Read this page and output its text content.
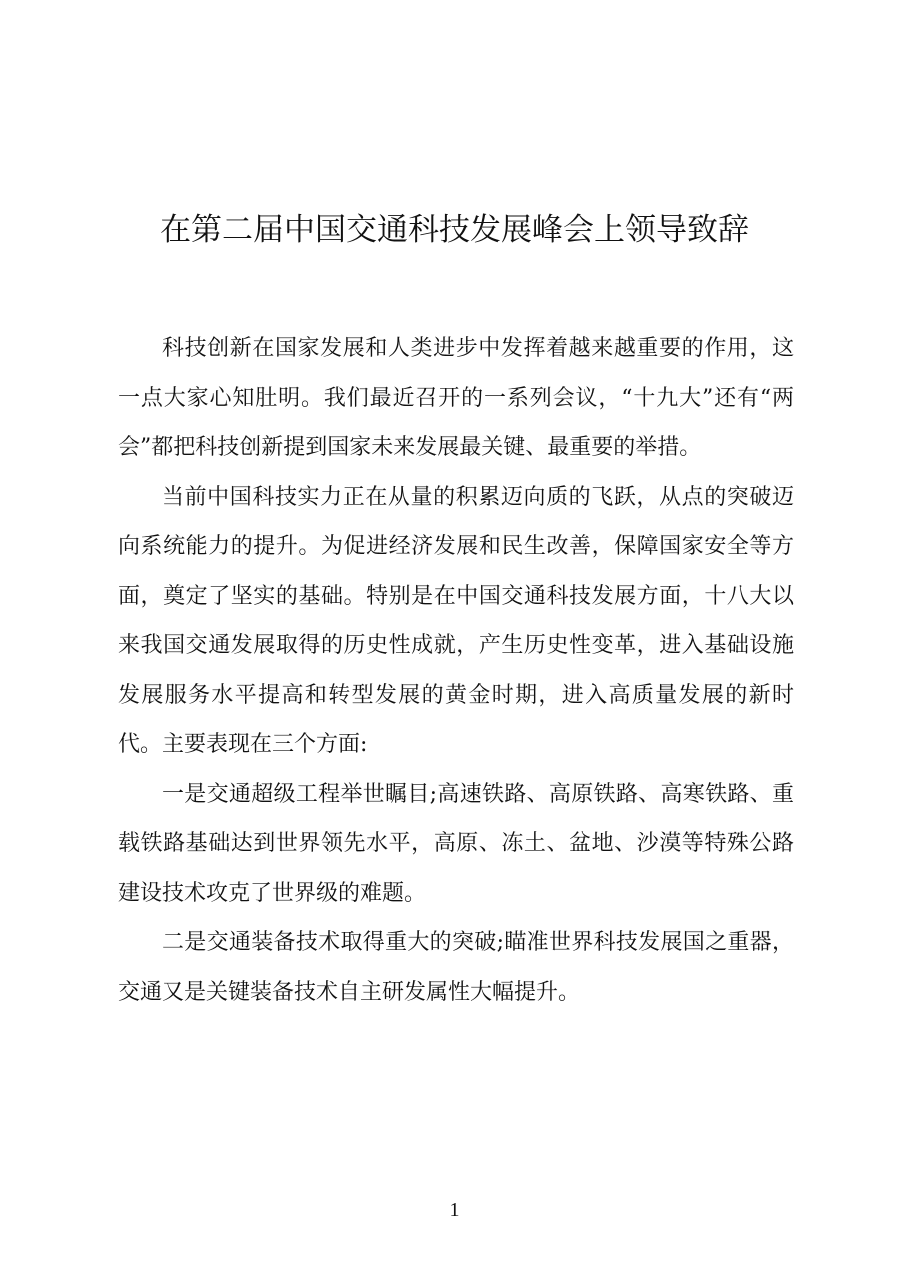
在第二届中国交通科技发展峰会上领导致辞

科技创新在国家发展和人类进步中发挥着越来越重要的作用，这一点大家心知肚明。我们最近召开的一系列会议，“十九大”还有“两会”都把科技创新提到国家未来发展最关键、最重要的举措。

当前中国科技实力正在从量的积累迈向质的飞跃，从点的突破迈向系统能力的提升。为促进经济发展和民生改善，保障国家安全等方面，奠定了坚实的基础。特别是在中国交通科技发展方面，十八大以来我国交通发展取得的历史性成就，产生历史性变革，进入基础设施发展服务水平提高和转型发展的黄金时期，进入高质量发展的新时代。主要表现在三个方面:

一是交通超级工程举世瞩目;高速铁路、高原铁路、高寒铁路、重载铁路基础达到世界领先水平，高原、冻土、盆地、沙漠等特殊公路建设技术攻克了世界级的难题。

二是交通装备技术取得重大的突破;瞄准世界科技发展国之重器，交通又是关键装备技术自主研发属性大幅提升。

1
